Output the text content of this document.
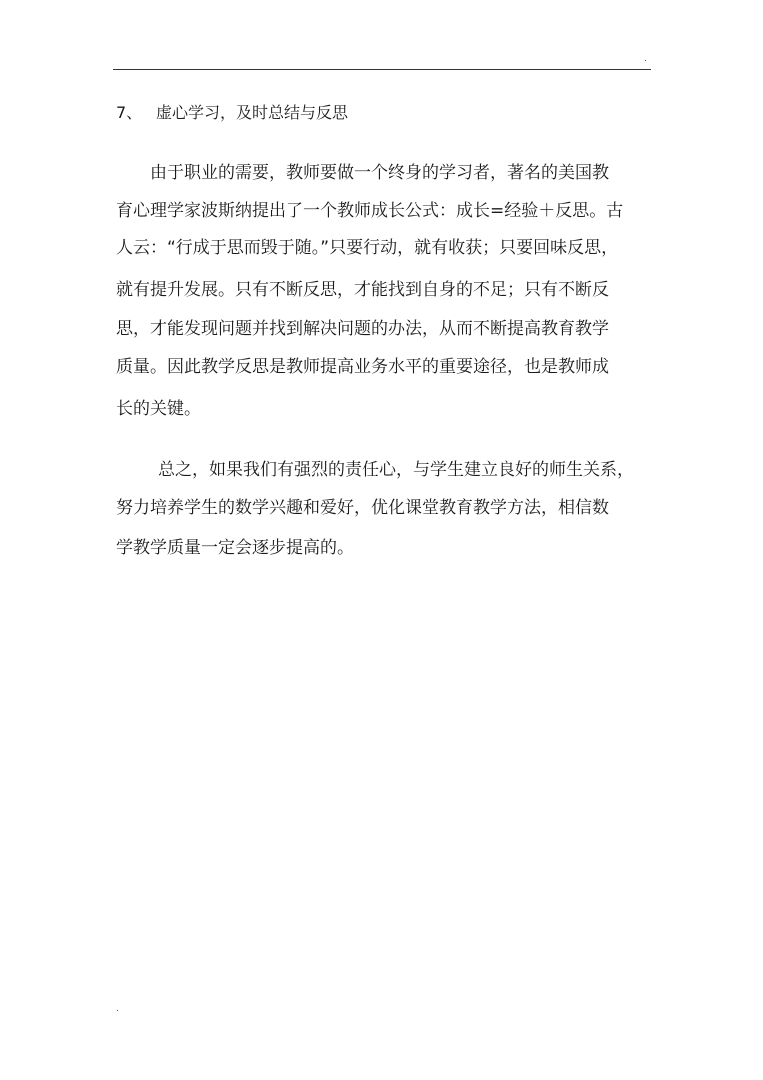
.
7、 虚心学习，及时总结与反思
由于职业的需要，教师要做一个终身的学习者，著名的美国教
育心理学家波斯纳提出了一个教师成长公式：成长=经验＋反思。古
人云：“行成于思而毁于随。”只要行动，就有收获；只要回味反思，
就有提升发展。只有不断反思，才能找到自身的不足；只有不断反
思，才能发现问题并找到解决问题的办法，从而不断提高教育教学
质量。因此教学反思是教师提高业务水平的重要途径，也是教师成
长的关键。
总之，如果我们有强烈的责任心，与学生建立良好的师生关系，
努力培养学生的数学兴趣和爱好，优化课堂教育教学方法，相信数
学教学质量一定会逐步提高的。
.
